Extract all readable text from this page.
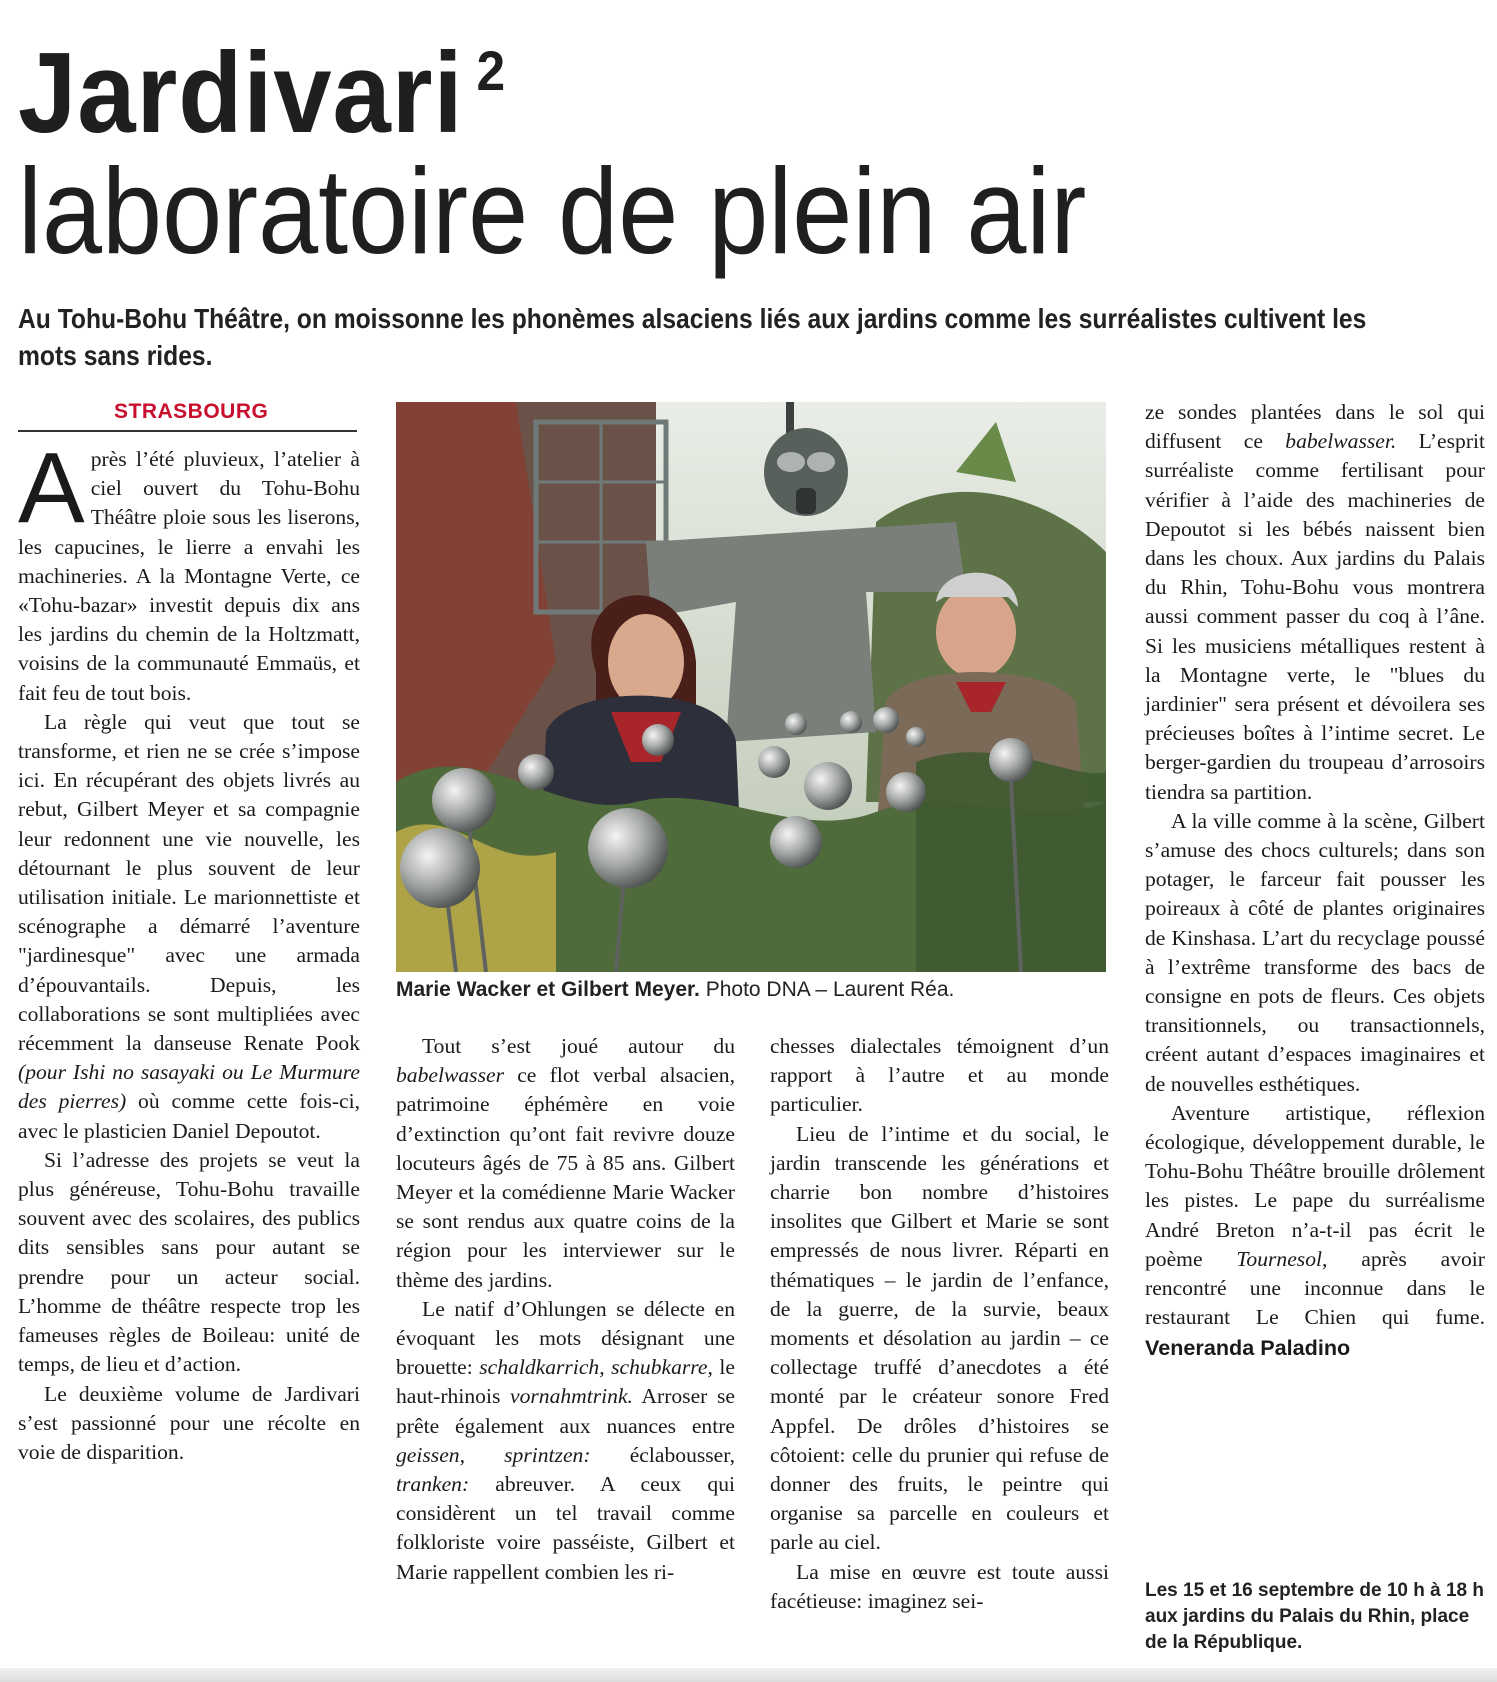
Jardivari $^2$
laboratoire de plein air
Au Tohu-Bohu Théâtre, on moissonne les phonèmes alsaciens liés aux jardins comme les surréalistes cultivent les mots sans rides.
STRASBOURG

Après l’été pluvieux, l’atelier à ciel ouvert du Tohu-Bohu Théâtre ploie sous les liserons, les capucines, le lierre a envahi les machineries. A la Montagne Verte, ce «Tohu-bazar» investit depuis dix ans les jardins du chemin de la Holtzmatt, voisins de la communauté Emmaüs, et fait feu de tout bois.

La règle qui veut que tout se transforme, et rien ne se crée s’impose ici. En récupérant des objets livrés au rebut, Gilbert Meyer et sa compagnie leur redonnent une vie nouvelle, les détournant le plus souvent de leur utilisation initiale. Le marionnettiste et scénographe a démarré l’aventure "jardinesque" avec une armada d’épouvantails. Depuis, les collaborations se sont multipliées avec récemment la danseuse Renate Pook (pour Ishi no sasayaki ou Le Murmure des pierres) où comme cette fois-ci, avec le plasticien Daniel Depoutot.

Si l’adresse des projets se veut la plus généreuse, Tohu-Bohu travaille souvent avec des scolaires, des publics dits sensibles sans pour autant se prendre pour un acteur social. L’homme de théâtre respecte trop les fameuses règles de Boileau: unité de temps, de lieu et d’action.

Le deuxième volume de Jardivari s’est passionné pour une récolte en voie de disparition.

Marie Wacker et Gilbert Meyer. Photo DNA – Laurent Réa.

Tout s’est joué autour du babelwasser ce flot verbal alsacien, patrimoine éphémère en voie d’extinction qu’ont fait revivre douze locuteurs âgés de 75 à 85 ans. Gilbert Meyer et la comédienne Marie Wacker se sont rendus aux quatre coins de la région pour les interviewer sur le thème des jardins.

Le natif d’Ohlungen se délecte en évoquant les mots désignant une brouette: schaldkarrich, schubkarre, le haut-rhinois vornahmtrink. Arroser se prête également aux nuances entre geissen, sprintzen: éclabousser, tranken: abreuver. A ceux qui considèrent un tel travail comme folkloriste voire passéiste, Gilbert et Marie rappellent combien les ri-

chesses dialectales témoignent d’un rapport à l’autre et au monde particulier.

Lieu de l’intime et du social, le jardin transcende les générations et charrie bon nombre d’histoires insolites que Gilbert et Marie se sont empressés de nous livrer. Réparti en thématiques – le jardin de l’enfance, de la guerre, de la survie, beaux moments et désolation au jardin – ce collectage truffé d’anecdotes a été monté par le créateur sonore Fred Appfel. De drôles d’histoires se côtoient: celle du prunier qui refuse de donner des fruits, le peintre qui organise sa parcelle en couleurs et parle au ciel.

La mise en œuvre est toute aussi facétieuse: imaginez sei-

ze sondes plantées dans le sol qui diffusent ce babelwasser. L’esprit surréaliste comme fertilisant pour vérifier à l’aide des machineries de Depoutot si les bébés naissent bien dans les choux. Aux jardins du Palais du Rhin, Tohu-Bohu vous montrera aussi comment passer du coq à l’âne. Si les musiciens métalliques restent à la Montagne verte, le "blues du jardinier" sera présent et dévoilera ses précieuses boîtes à l’intime secret. Le berger-gardien du troupeau d’arrosoirs tiendra sa partition.

A la ville comme à la scène, Gilbert s’amuse des chocs culturels; dans son potager, le farceur fait pousser les poireaux à côté de plantes originaires de Kinshasa. L’art du recyclage poussé à l’extrême transforme des bacs de consigne en pots de fleurs. Ces objets transitionnels, ou transactionnels, créent autant d’espaces imaginaires et de nouvelles esthétiques.

Aventure artistique, réflexion écologique, développement durable, le Tohu-Bohu Théâtre brouille drôlement les pistes. Le pape du surréalisme André Breton n’a-t-il pas écrit le poème Tournesol, après avoir rencontré une inconnue dans le restaurant Le Chien qui fume. Veneranda Paladino

Les 15 et 16 septembre de 10 h à 18 h aux jardins du Palais du Rhin, place de la République.
